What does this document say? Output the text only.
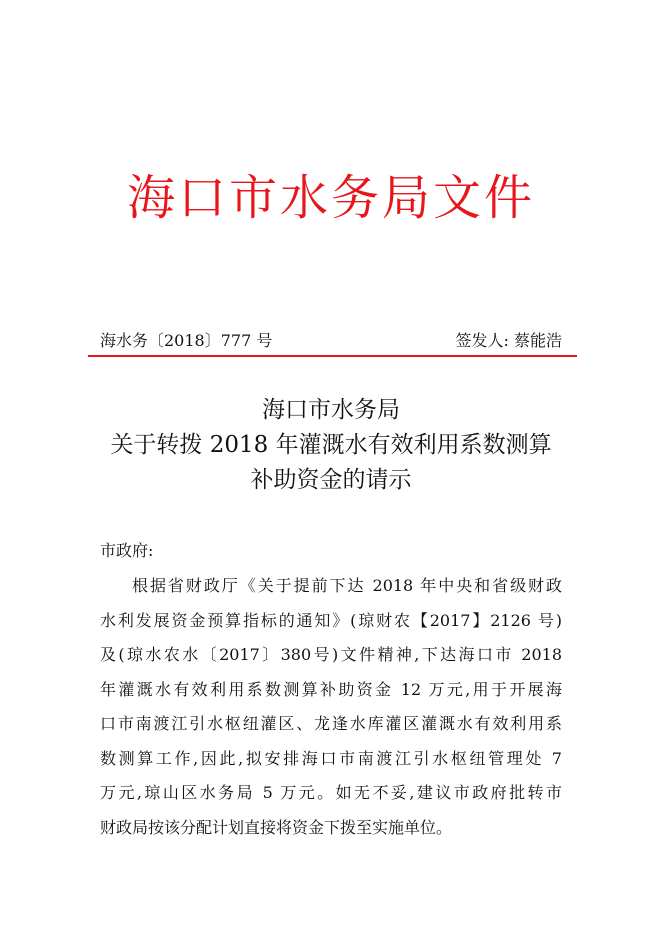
海口市水务局文件
海水务〔2018〕777 号	签发人: 蔡能浩
海口市水务局
关于转拨 2018 年灌溉水有效利用系数测算
补助资金的请示
市政府:
根据省财政厅《关于提前下达 2018 年中央和省级财政
水利发展资金预算指标的通知》(琼财农【2017】2126 号)
及(琼水农水〔2017〕380号)文件精神,下达海口市 2018
年灌溉水有效利用系数测算补助资金 12 万元,用于开展海
口市南渡江引水枢纽灌区、龙逢水库灌区灌溉水有效利用系
数测算工作,因此,拟安排海口市南渡江引水枢纽管理处 7
万元,琼山区水务局 5 万元。如无不妥,建议市政府批转市
财政局按该分配计划直接将资金下拨至实施单位。
